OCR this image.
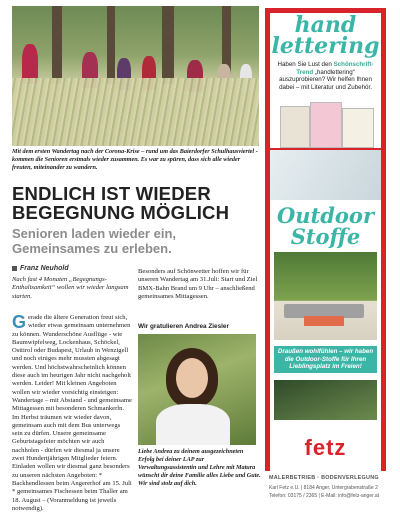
Mit dem ersten Wandertag nach der Corona-Krise – rund um das Baierdorfer Schulhausviertel - kommen die Senioren erstmals wieder zusammen. Es war zu spüren, dass sich alle wieder freuten, miteinander zu wandern.
ENDLICH IST WIEDER BEGEGNUNG MÖGLICH
Senioren laden wieder ein, Gemeinsames zu erleben.
Franz Neuhold
Nach fast 4 Monaten „Begegnungs-Enthaltsamkeit“ wollen wir wieder langsam starten.
Gerade die ältere Generation freut sich, wieder etwas gemeinsam unternehmen zu können. Wunderschöne Ausflüge - wie Baumwipfelweg, Lockenhaus, Schöckel, Osttirol oder Budapest, Urlaub in Wenzigell und noch einiges mehr mussten abgesagt werden. Und höchstwahrscheinlich können diese auch im heurigen Jahr nicht nachgeholt werden. Leider! Mit kleinen Angeboten wollen wir wieder vorsichtig einsteigen: Wandertage – mit Abstand - und gemeinsame Mittagessen mit besonderen Schmankerln. Im Herbst träumen wir wieder davon, gemeinsam auch mit dem Bus unterwegs sein zu dürfen. Unsere gemeinsame Geburtstagsfeier möchten wir auch nachholen - dürfen wir diesmal ja unsere zwei Hundertjährigen Mitglieder feiern. Einladen wollen wir diesmal ganz besonders zu unseren nächsten Angeboten: * Backhendlessen beim Angererhof am 15. Juli * gemeinsames Fischessen beim Thaller am 18. August – (Voranmeldung ist jeweils notwendig).
Besonders auf Schönwetter hoffen wir für unseren Wandertag am 31.Juli: Start und Ziel BMX-Bahn Brand um 9 Uhr – anschließend gemeinsames Mittagessen.
Wir gratulieren Andrea Ziesler
Liebe Andrea zu deinem ausgezeichneten Erfolg bei deiner LAP zur Verwaltungsassistentin und Lehre mit Matura wünscht dir deine Familie alles Liebe und Gute. Wir sind stolz auf dich.
hand lettering
Haben Sie Lust den Schönschrift-Trend „handlettering“ auszuprobieren? Wir helfen Ihnen dabei – mit Literatur und Zubehör.
Outdoor Stoffe
Draußen wohlfühlen – wir haben die Outdoor-Stoffe für Ihren Lieblingsplatz im Freien!
fetz
MALERBETRIEB · BODENVERLEGUNG
Karl Fetz e.U. | 8184 Anger, Untergrabenstraße 2
Telefon: 03175 / 2365 | E-Mail: info@fetz-anger.at
